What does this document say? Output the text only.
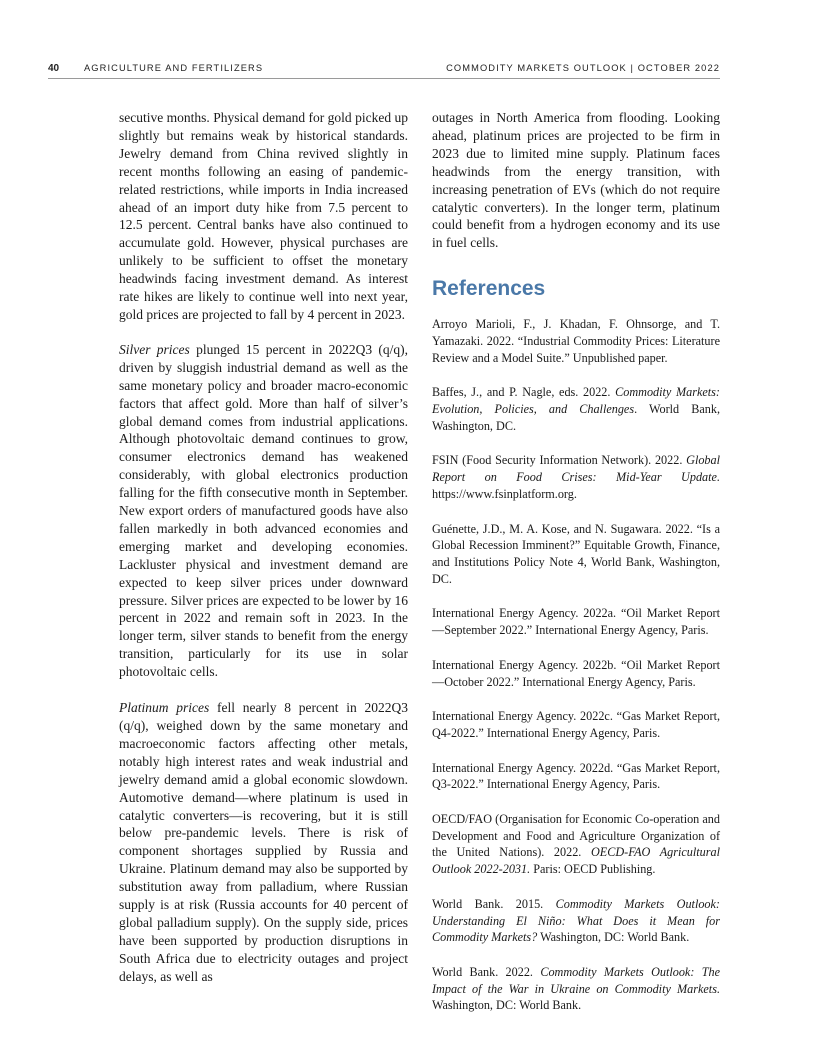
40	AGRICULTURE AND FERTILIZERS	COMMODITY MARKETS OUTLOOK | OCTOBER 2022

secutive months. Physical demand for gold picked up slightly but remains weak by historical standards. Jewelry demand from China revived slightly in recent months following an easing of pandemic-related restrictions, while imports in India increased ahead of an import duty hike from 7.5 percent to 12.5 percent. Central banks have also continued to accumulate gold. However, physical purchases are unlikely to be sufficient to offset the monetary headwinds facing investment demand. As interest rate hikes are likely to continue well into next year, gold prices are projected to fall by 4 percent in 2023.

Silver prices plunged 15 percent in 2022Q3 (q/q), driven by sluggish industrial demand as well as the same monetary policy and broader macro-economic factors that affect gold. More than half of silver’s global demand comes from industrial applications. Although photovoltaic demand continues to grow, consumer electronics demand has weakened considerably, with global electronics production falling for the fifth consecutive month in September. New export orders of manufactured goods have also fallen markedly in both advanced economies and emerging market and developing economies. Lackluster physical and investment demand are expected to keep silver prices under downward pressure. Silver prices are expected to be lower by 16 percent in 2022 and remain soft in 2023. In the longer term, silver stands to benefit from the energy transition, particularly for its use in solar photovoltaic cells.

Platinum prices fell nearly 8 percent in 2022Q3 (q/q), weighed down by the same monetary and macroeconomic factors affecting other metals, notably high interest rates and weak industrial and jewelry demand amid a global economic slowdown. Automotive demand—where platinum is used in catalytic converters—is recovering, but it is still below pre-pandemic levels. There is risk of component shortages supplied by Russia and Ukraine. Platinum demand may also be supported by substitution away from palladium, where Russian supply is at risk (Russia accounts for 40 percent of global palladium supply). On the supply side, prices have been supported by production disruptions in South Africa due to electricity outages and project delays, as well as

outages in North America from flooding. Looking ahead, platinum prices are projected to be firm in 2023 due to limited mine supply. Platinum faces headwinds from the energy transition, with increasing penetration of EVs (which do not require catalytic converters). In the longer term, platinum could benefit from a hydrogen economy and its use in fuel cells.

References

Arroyo Marioli, F., J. Khadan, F. Ohnsorge, and T. Yamazaki. 2022. “Industrial Commodity Prices: Literature Review and a Model Suite.” Unpublished paper.

Baffes, J., and P. Nagle, eds. 2022. Commodity Markets: Evolution, Policies, and Challenges. World Bank, Washington, DC.

FSIN (Food Security Information Network). 2022. Global Report on Food Crises: Mid-Year Update. https://www.fsinplatform.org.

Guénette, J.D., M. A. Kose, and N. Sugawara. 2022. “Is a Global Recession Imminent?” Equitable Growth, Finance, and Institutions Policy Note 4, World Bank, Washington, DC.

International Energy Agency. 2022a. “Oil Market Report—September 2022.” International Energy Agency, Paris.

International Energy Agency. 2022b. “Oil Market Report—October 2022.” International Energy Agency, Paris.

International Energy Agency. 2022c. “Gas Market Report, Q4-2022.” International Energy Agency, Paris.

International Energy Agency. 2022d. “Gas Market Report, Q3-2022.” International Energy Agency, Paris.

OECD/FAO (Organisation for Economic Co-operation and Development and Food and Agriculture Organization of the United Nations). 2022. OECD-FAO Agricultural Outlook 2022-2031. Paris: OECD Publishing.

World Bank. 2015. Commodity Markets Outlook: Understanding El Niño: What Does it Mean for Commodity Markets? Washington, DC: World Bank.

World Bank. 2022. Commodity Markets Outlook: The Impact of the War in Ukraine on Commodity Markets. Washington, DC: World Bank.
